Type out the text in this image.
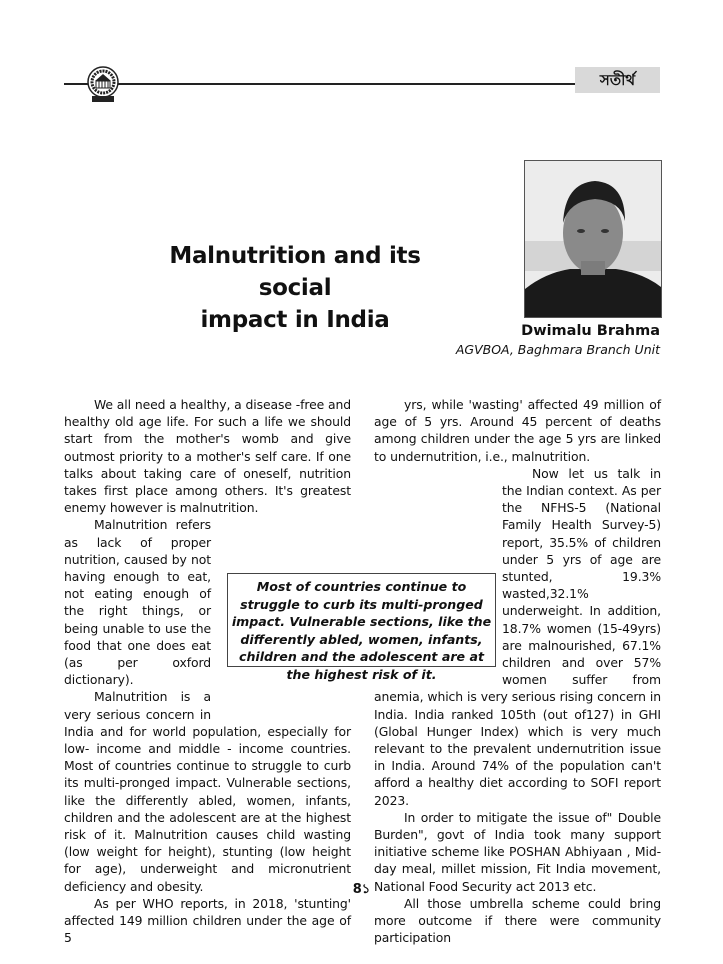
সতীৰ্থ
Malnutrition and its social
impact in India	Dwimalu Brahma
AGVBOA, Baghmara Branch Unit

We all need a healthy, a disease -free and healthy old age life. For such a life we should start from the mother's womb and give outmost priority to a mother's self care. If one talks about taking care of oneself, nutrition takes first place among others. It's greatest enemy however is malnutrition.

Malnutrition refers as lack of proper nutrition, caused by not having enough to eat, not eating enough of the right things, or being unable to use the food that one does eat (as per oxford dictionary).

Malnutrition is a very serious concern in India and for world population, especially for low- income and middle - income countries. Most of countries continue to struggle to curb its multi-pronged impact. Vulnerable sections, like the differently abled, women, infants, children and the adolescent are at the highest risk of it. Malnutrition causes child wasting (low weight for height), stunting (low height for age), underweight and micronutrient deficiency and obesity.

As per WHO reports, in 2018, 'stunting' affected 149 million children under the age of 5

yrs, while 'wasting' affected 49 million of age of 5 yrs. Around 45 percent of deaths among children under the age 5 yrs are linked to undernutrition, i.e., malnutrition.

Now let us talk in the Indian context. As per the NFHS-5 (National Family Health Survey-5) report, 35.5% of children under 5 yrs of age are stunted, 19.3% wasted,32.1% underweight. In addition, 18.7% women (15-49yrs) are malnourished, 67.1% children and over 57% women suffer from anemia, which is very serious rising concern in India. India ranked 105th (out of127) in GHI (Global Hunger Index) which is very much relevant to the prevalent undernutrition issue in India. Around 74% of the population can't afford a healthy diet according to SOFI report 2023.

In order to mitigate the issue of" Double Burden", govt of India took many support initiative scheme like POSHAN Abhiyaan , Mid-day meal, millet mission, Fit India movement, National Food Security act 2013 etc.

All those umbrella scheme could bring more outcome if there were community participation

Most of countries continue to struggle to curb its multi-pronged impact. Vulnerable sections, like the differently abled, women, infants, children and the adolescent are at the highest risk of it.
8১
